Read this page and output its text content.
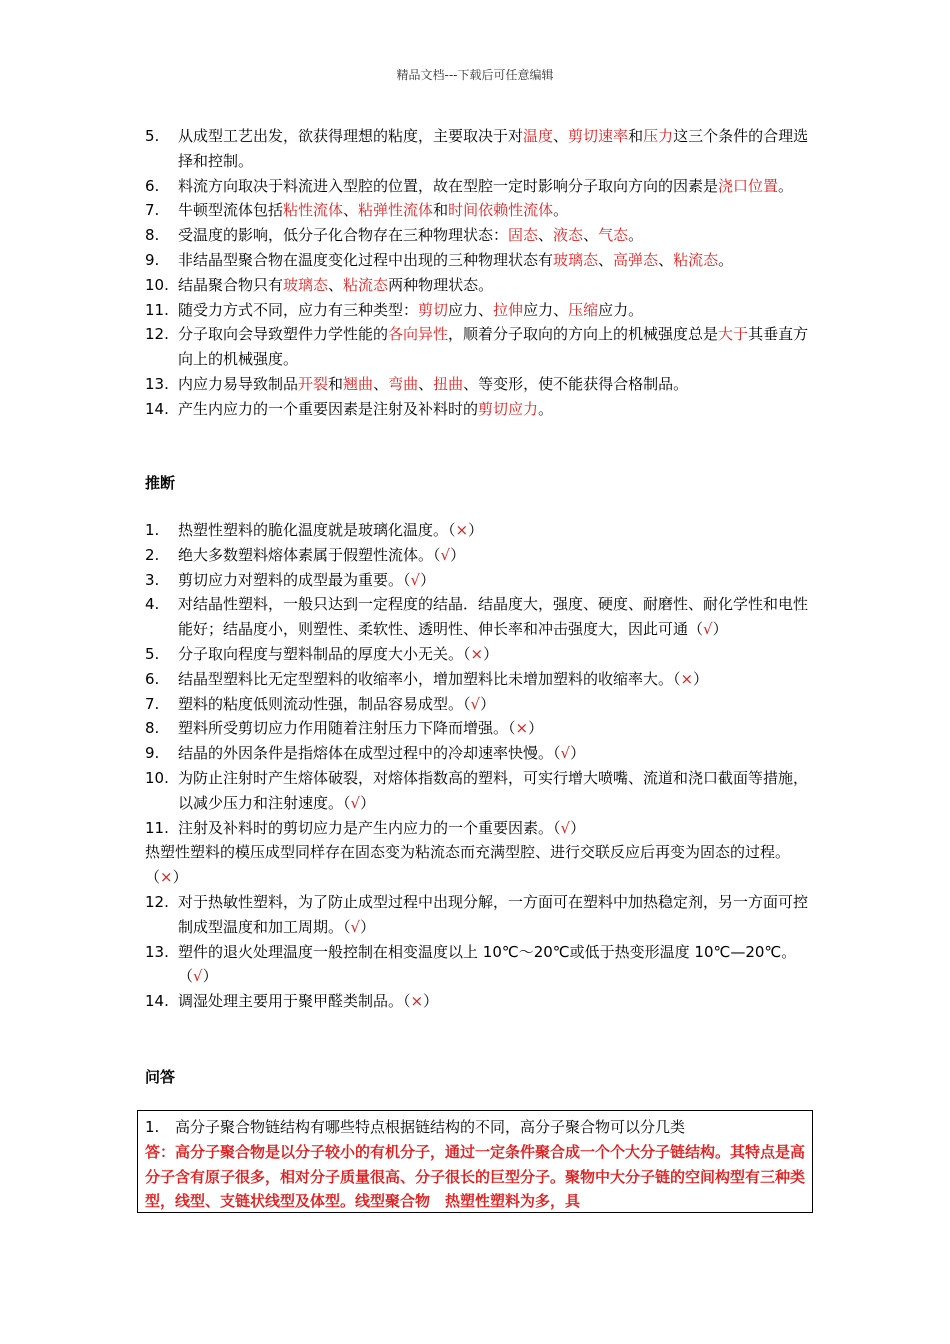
精品文档---下载后可任意编辑
5.	从成型工艺出发，欲获得理想的粘度，主要取决于对温度、剪切速率和压力这三个条件的合理选择和控制。
6.	料流方向取决于料流进入型腔的位置，故在型腔一定时影响分子取向方向的因素是浇口位置。
7.	牛顿型流体包括粘性流体、粘弹性流体和时间依赖性流体。
8.	受温度的影响，低分子化合物存在三种物理状态：固态、液态、气态。
9.	非结晶型聚合物在温度变化过程中出现的三种物理状态有玻璃态、高弹态、粘流态。
10. 结晶聚合物只有玻璃态、粘流态两种物理状态。
11. 随受力方式不同，应力有三种类型：剪切应力、拉伸应力、压缩应力。
12. 分子取向会导致塑件力学性能的各向异性，顺着分子取向的方向上的机械强度总是大于其垂直方向上的机械强度。
13. 内应力易导致制品开裂和翘曲、弯曲、扭曲、等变形，使不能获得合格制品。
14. 产生内应力的一个重要因素是注射及补料时的剪切应力。
推断
1.	热塑性塑料的脆化温度就是玻璃化温度。（×）
2.	绝大多数塑料熔体素属于假塑性流体。（√）
3.	剪切应力对塑料的成型最为重要。（√）
4.	对结晶性塑料，一般只达到一定程度的结晶．结晶度大，强度、硬度、耐磨性、耐化学性和电性能好；结晶度小，则塑性、柔软性、透明性、伸长率和冲击强度大，因此可通（√）
5.	分子取向程度与塑料制品的厚度大小无关。（×）
6.	结晶型塑料比无定型塑料的收缩率小，增加塑料比未增加塑料的收缩率大。（×）
7.	塑料的粘度低则流动性强，制品容易成型。（√）
8.	塑料所受剪切应力作用随着注射压力下降而增强。（×）
9.	结晶的外因条件是指熔体在成型过程中的冷却速率快慢。（√）
10. 为防止注射时产生熔体破裂，对熔体指数高的塑料，可实行增大喷嘴、流道和浇口截面等措施，以减少压力和注射速度。（√）
11. 注射及补料时的剪切应力是产生内应力的一个重要因素。（√）
热塑性塑料的模压成型同样存在固态变为粘流态而充满型腔、进行交联反应后再变为固态的过程。（×）
12. 对于热敏性塑料，为了防止成型过程中出现分解，一方面可在塑料中加热稳定剂，另一方面可控制成型温度和加工周期。（√）
13. 塑件的退火处理温度一般控制在相变温度以上 10℃～20℃或低于热变形温度 10℃—20℃。（√）
14. 调湿处理主要用于聚甲醛类制品。（×）
问答
1.	高分子聚合物链结构有哪些特点根据链结构的不同，高分子聚合物可以分几类
答：高分子聚合物是以分子较小的有机分子，通过一定条件聚合成一个个大分子链结构。其特点是高分子含有原子很多，相对分子质量很高、分子很长的巨型分子。聚物中大分子链的空间构型有三种类型，线型、支链状线型及体型。线型聚合物　热塑性塑料为多，具
